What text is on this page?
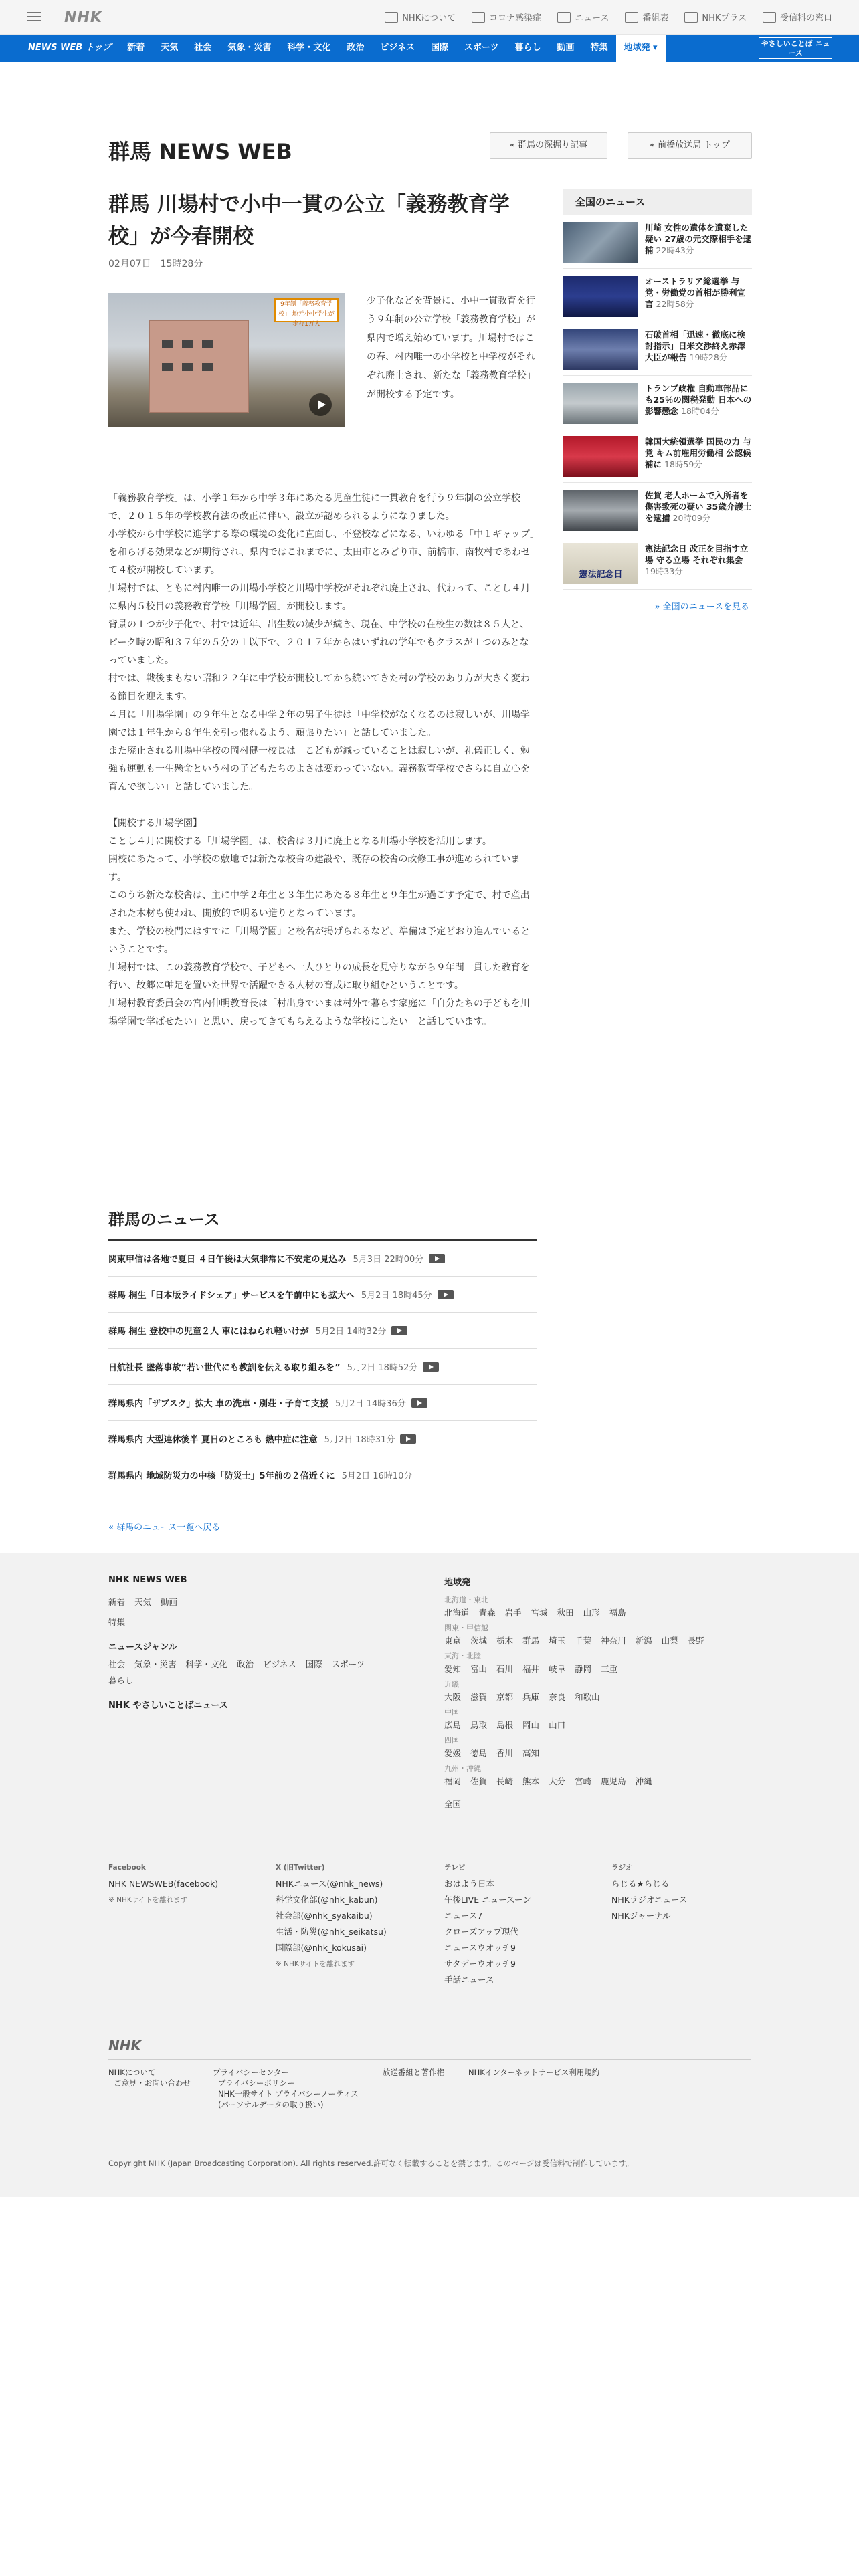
NHK	NHKについて	コロナ感染症	ニュース	番組表	NHKプラス	受信料の窓口
NEWS WEB トップ	新着	天気	社会	気象・災害	科学・文化	政治	ビジネス	国際	スポーツ	暮らし	動画	特集	地域発 ▾	やさしいことば ニュース
群馬 NEWS WEB	« 群馬の深掘り記事	« 前橋放送局 トップ
群馬 川場村で小中一貫の公立「義務教育学校」が今春開校
02月07日　15時28分
9年制「義務教育学校」 地元小中学生が歩む1万人
少子化などを背景に、小中一貫教育を行う９年制の公立学校「義務教育学校」が県内で増え始めています。川場村ではこの春、村内唯一の小学校と中学校がそれぞれ廃止され、新たな「義務教育学校」が開校する予定です。

「義務教育学校」は、小学１年から中学３年にあたる児童生徒に一貫教育を行う９年制の公立学校で、２０１５年の学校教育法の改正に伴い、設立が認められるようになりました。

小学校から中学校に進学する際の環境の変化に直面し、不登校などになる、いわゆる「中１ギャップ」を和らげる効果などが期待され、県内ではこれまでに、太田市とみどり市、前橋市、南牧村であわせて４校が開校しています。

川場村では、ともに村内唯一の川場小学校と川場中学校がそれぞれ廃止され、代わって、ことし４月に県内５校目の義務教育学校「川場学園」が開校します。

背景の１つが少子化で、村では近年、出生数の減少が続き、現在、中学校の在校生の数は８５人と、ピーク時の昭和３７年の５分の１以下で、２０１７年からはいずれの学年でもクラスが１つのみとなっていました。

村では、戦後まもない昭和２２年に中学校が開校してから続いてきた村の学校のあり方が大きく変わる節目を迎えます。

４月に「川場学園」の９年生となる中学２年の男子生徒は「中学校がなくなるのは寂しいが、川場学園では１年生から８年生を引っ張れるよう、頑張りたい」と話していました。

また廃止される川場中学校の岡村健一校長は「こどもが減っていることは寂しいが、礼儀正しく、勉強も運動も一生懸命という村の子どもたちのよさは変わっていない。義務教育学校でさらに自立心を育んで欲しい」と話していました。

【開校する川場学園】

ことし４月に開校する「川場学園」は、校舎は３月に廃止となる川場小学校を活用します。

開校にあたって、小学校の敷地では新たな校舎の建設や、既存の校舎の改修工事が進められています。

このうち新たな校舎は、主に中学２年生と３年生にあたる８年生と９年生が過ごす予定で、村で産出された木材も使われ、開放的で明るい造りとなっています。

また、学校の校門にはすでに「川場学園」と校名が掲げられるなど、準備は予定どおり進んでいるということです。

川場村では、この義務教育学校で、子どもへ一人ひとりの成長を見守りながら９年間一貫した教育を行い、故郷に軸足を置いた世界で活躍できる人材の育成に取り組むということです。

川場村教育委員会の宮内伸明教育長は「村出身でいまは村外で暮らす家庭に「自分たちの子どもを川場学園で学ばせたい」と思い、戻ってきてもらえるような学校にしたい」と話しています。

群馬のニュース
関東甲信は各地で夏日 ４日午後は大気非常に不安定の見込み 5月3日 22時00分
群馬 桐生「日本版ライドシェア」サービスを午前中にも拡大へ 5月2日 18時45分
群馬 桐生 登校中の児童２人 車にはねられ軽いけが 5月2日 14時32分
日航社長 墜落事故“若い世代にも教訓を伝える取り組みを” 5月2日 18時52分
群馬県内「ザブスク」拡大 車の洗車・別荘・子育て支援 5月2日 14時36分
群馬県内 大型連休後半 夏日のところも 熱中症に注意 5月2日 18時31分
群馬県内 地域防災力の中核「防災士」5年前の２倍近くに 5月2日 16時10分
« 群馬のニュース一覧へ戻る
全国のニュース
川崎 女性の遺体を遺棄した疑い 27歳の元交際相手を逮捕 22時43分
オーストラリア総選挙 与党・労働党の首相が勝利宣言 22時58分
石破首相「迅速・徹底に検討指示」日米交渉終え赤澤大臣が報告 19時28分
トランプ政権 自動車部品にも25％の関税発動 日本への影響懸念 18時04分
韓国大統領選挙 国民の力 与党 キム前雇用労働相 公認候補に 18時59分
佐賀 老人ホームで入所者を傷害致死の疑い 35歳介護士を逮捕 20時09分
憲法記念日
憲法記念日 改正を目指す立場 守る立場 それぞれ集会 19時33分
» 全国のニュースを見る
NHK NEWS WEB
新着 天気 動画
特集
ニュースジャンル
社会 気象・災害 科学・文化 政治 ビジネス 国際 スポーツ
暮らし
NHK やさしいことばニュース
地域発
北海道・東北
北海道 青森 岩手 宮城 秋田 山形 福島
関東・甲信越
東京 茨城 栃木 群馬 埼玉 千葉 神奈川 新潟 山梨 長野
東海・北陸
愛知 富山 石川 福井 岐阜 静岡 三重
近畿
大阪 滋賀 京都 兵庫 奈良 和歌山
中国
広島 鳥取 島根 岡山 山口
四国
愛媛 徳島 香川 高知
九州・沖縄
福岡 佐賀 長崎 熊本 大分 宮崎 鹿児島 沖縄
全国
Facebook
NHK NEWSWEB(facebook)
※ NHKサイトを離れます
X (旧Twitter)
NHKニュース(@nhk_news)
科学文化部(@nhk_kabun)
社会部(@nhk_syakaibu)
生活・防災(@nhk_seikatsu)
国際部(@nhk_kokusai)
※ NHKサイトを離れます
テレビ
おはよう日本
午後LIVE ニュースーン
ニュース7
クローズアップ現代
ニュースウオッチ9
サタデーウオッチ9
手話ニュース
ラジオ
らじる★らじる
NHKラジオニュース
NHKジャーナル
NHK
NHKについて
ご意見・お問い合わせ
プライバシーセンター
プライバシーポリシー
NHK一般サイト プライバシーノーティス
(パーソナルデータの取り扱い)
放送番組と著作権	NHKインターネットサービス利用規約
Copyright NHK (Japan Broadcasting Corporation). All rights reserved.許可なく転載することを禁じます。このページは受信料で制作しています。
